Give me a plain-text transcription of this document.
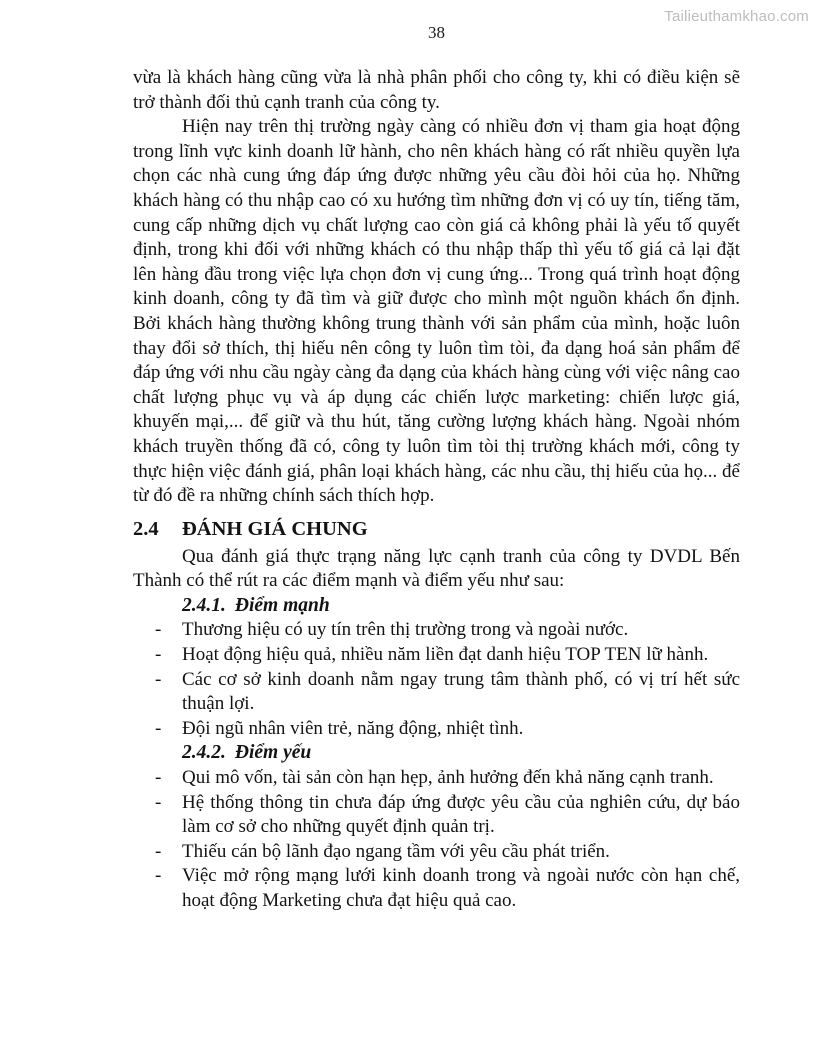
Tailieuthamkhao.com
38

vừa là khách hàng cũng vừa là nhà phân phối cho công ty, khi có điều kiện sẽ trở thành đối thủ cạnh tranh của công ty.

Hiện nay trên thị trường ngày càng có nhiều đơn vị tham gia hoạt động trong lĩnh vực kinh doanh lữ hành, cho nên khách hàng có rất nhiều quyền lựa chọn các nhà cung ứng đáp ứng được những yêu cầu đòi hỏi của họ. Những khách hàng có thu nhập cao có xu hướng tìm những đơn vị có uy tín, tiếng tăm, cung cấp những dịch vụ chất lượng cao còn giá cả không phải là yếu tố quyết định, trong khi đối với những khách có thu nhập thấp thì yếu tố giá cả lại đặt lên hàng đầu trong việc lựa chọn đơn vị cung ứng... Trong quá trình hoạt động kinh doanh, công ty đã tìm và giữ được cho mình một nguồn khách ổn định. Bởi khách hàng thường không trung thành với sản phẩm của mình, hoặc luôn thay đổi sở thích, thị hiếu nên công ty luôn tìm tòi, đa dạng hoá sản phẩm để đáp ứng với nhu cầu ngày càng đa dạng của khách hàng cùng với việc nâng cao chất lượng phục vụ và áp dụng các chiến lược marketing: chiến lược giá, khuyến mại,... để giữ và thu hút, tăng cường lượng khách hàng. Ngoài nhóm khách truyền thống đã có, công ty luôn tìm tòi thị trường khách mới, công ty thực hiện việc đánh giá, phân loại khách hàng, các nhu cầu, thị hiếu của họ... để từ đó đề ra những chính sách thích hợp.

2.4 ĐÁNH GIÁ CHUNG

Qua đánh giá thực trạng năng lực cạnh tranh của công ty DVDL Bến Thành có thể rút ra các điểm mạnh và điểm yếu như sau:

2.4.1. Điểm mạnh
- Thương hiệu có uy tín trên thị trường trong và ngoài nước.
- Hoạt động hiệu quả, nhiều năm liền đạt danh hiệu TOP TEN lữ hành.
- Các cơ sở kinh doanh nằm ngay trung tâm thành phố, có vị trí hết sức thuận lợi.
- Đội ngũ nhân viên trẻ, năng động, nhiệt tình.
2.4.2. Điểm yếu
- Qui mô vốn, tài sản còn hạn hẹp, ảnh hưởng đến khả năng cạnh tranh.
- Hệ thống thông tin chưa đáp ứng được yêu cầu của nghiên cứu, dự báo làm cơ sở cho những quyết định quản trị.
- Thiếu cán bộ lãnh đạo ngang tầm với yêu cầu phát triển.
- Việc mở rộng mạng lưới kinh doanh trong và ngoài nước còn hạn chế, hoạt động Marketing chưa đạt hiệu quả cao.
